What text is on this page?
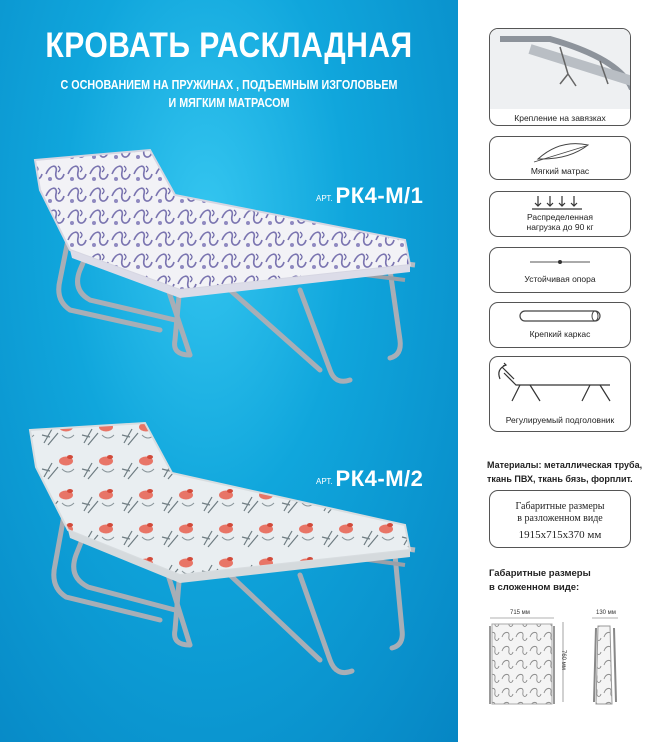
КРОВАТЬ РАСКЛАДНАЯ
С ОСНОВАНИЕМ НА ПРУЖИНАХ , ПОДЪЕМНЫМ ИЗГОЛОВЬЕМ
И МЯГКИМ МАТРАСОМ
АРТ. РК4-М/1
АРТ. РК4-М/2
Крепление на завязках
Мягкий матрас
Распределенная
нагрузка до 90 кг
Устойчивая опора
Крепкий каркас
Регулируемый подголовник
Материалы: металлическая труба,
ткань ПВХ, ткань бязь, форплит.
Габаритные размеры
в разложенном виде
1915х715х370 мм
Габаритные размеры
в сложенном виде:
715 мм	130 мм
760 мм
